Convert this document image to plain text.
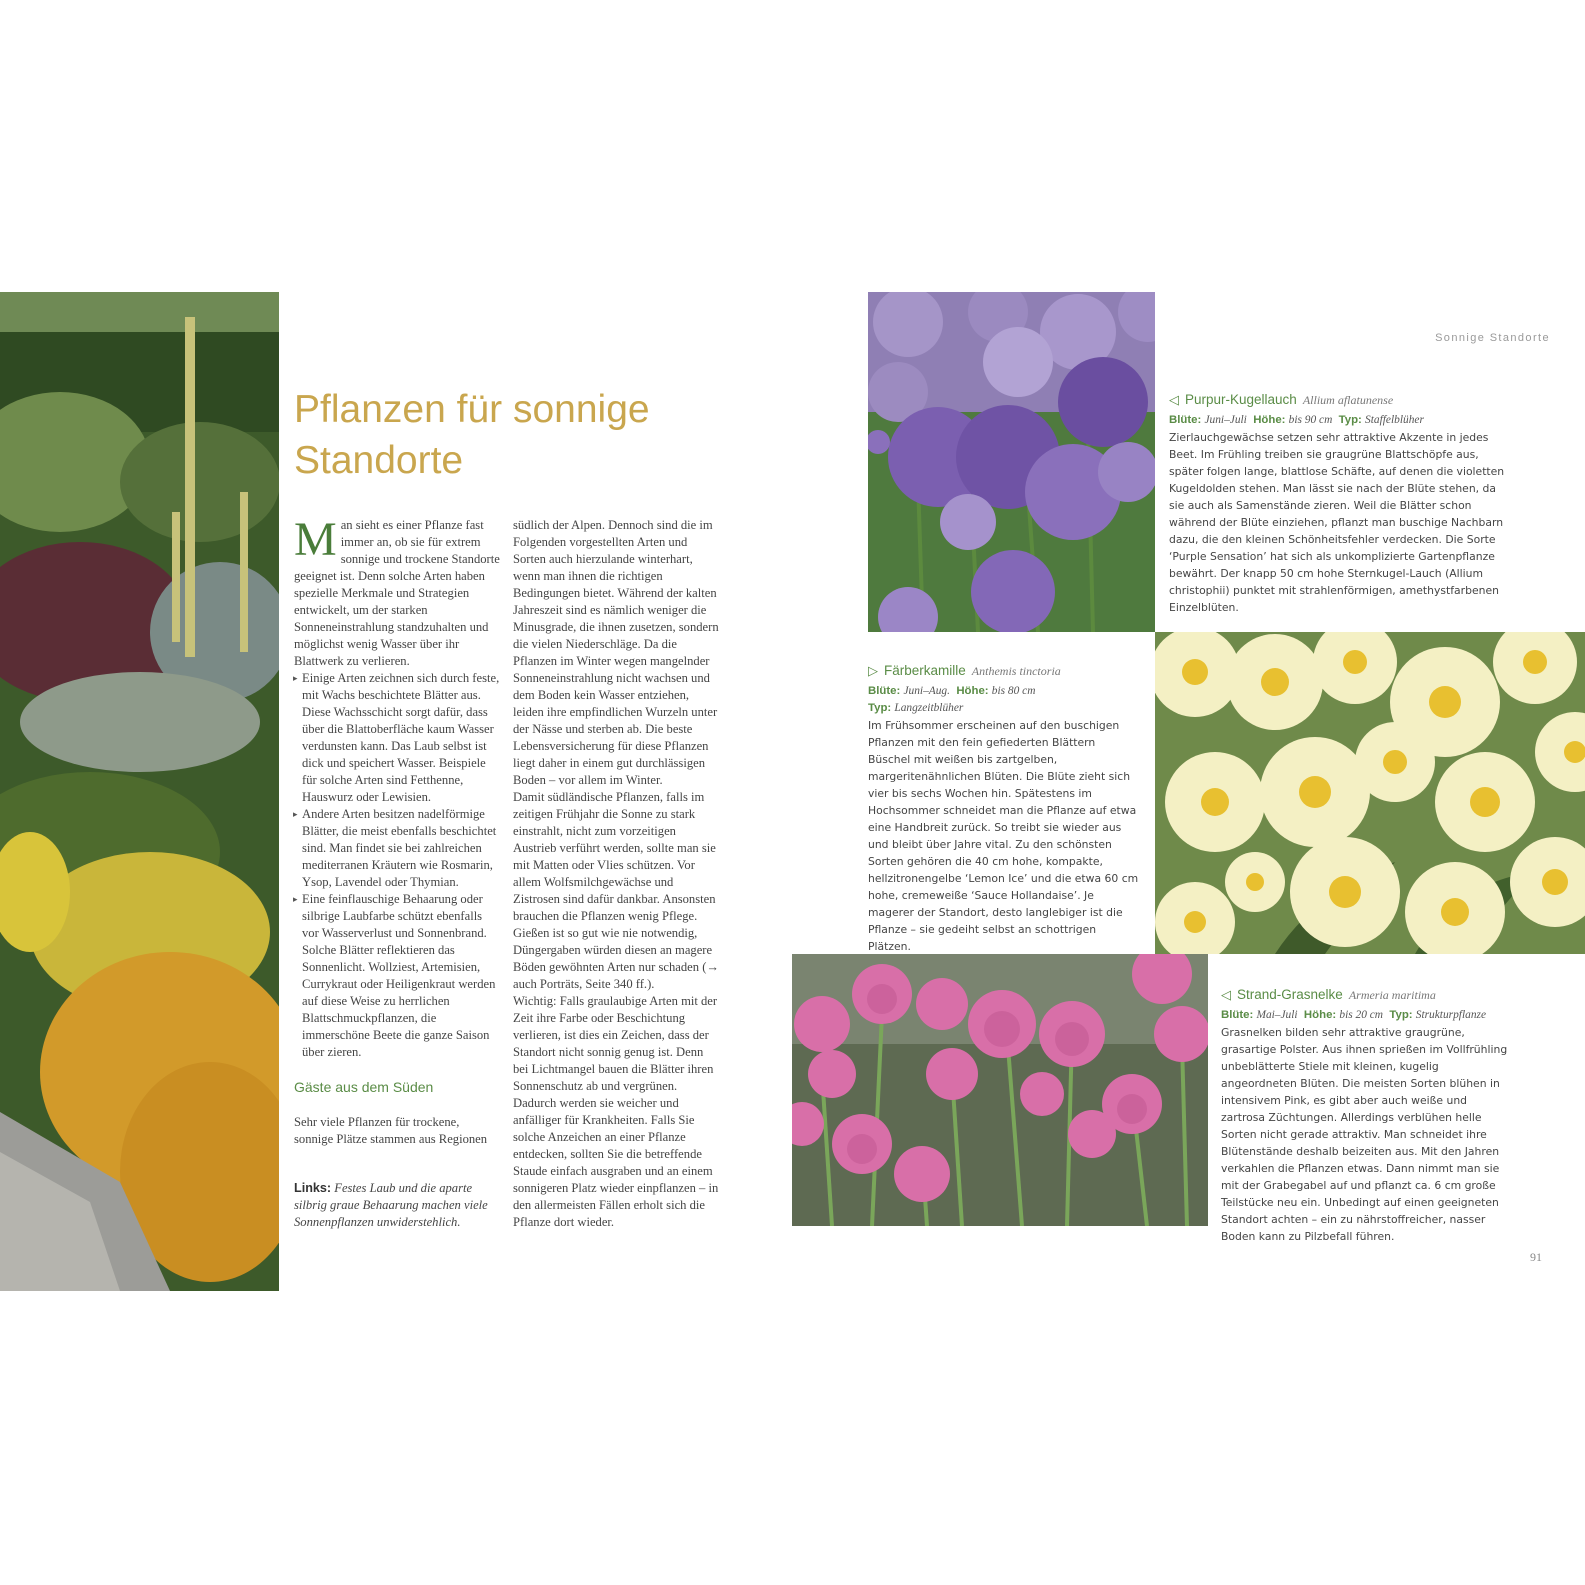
Pflanzen für sonnige
Standorte

Man sieht es einer Pflanze fast immer an, ob sie für extrem sonnige und trockene Standorte geeignet ist. Denn solche Arten haben spezielle Merkmale und Strategien entwickelt, um der starken Sonneneinstrahlung standzuhalten und möglichst wenig Wasser über ihr Blattwerk zu verlieren.

▸ Einige Arten zeichnen sich durch feste, mit Wachs beschichtete Blätter aus. Diese Wachsschicht sorgt dafür, dass über die Blattoberfläche kaum Wasser verdunsten kann. Das Laub selbst ist dick und speichert Wasser. Beispiele für solche Arten sind Fetthenne, Hauswurz oder Lewisien.
▸ Andere Arten besitzen nadelförmige Blätter, die meist ebenfalls beschichtet sind. Man findet sie bei zahlreichen mediterranen Kräutern wie Rosmarin, Ysop, Lavendel oder Thymian.
▸ Eine feinflauschige Behaarung oder silbrige Laubfarbe schützt ebenfalls vor Wasserverlust und Sonnenbrand. Solche Blätter reflektieren das Sonnenlicht. Wollziest, Artemisien, Currykraut oder Heiligenkraut werden auf diese Weise zu herrlichen Blattschmuckpflanzen, die immerschöne Beete die ganze Saison über zieren.

Gäste aus dem Süden

Sehr viele Pflanzen für trockene, sonnige Plätze stammen aus Regionen

Links: Festes Laub und die aparte silbrig graue Behaarung machen viele Sonnenpflanzen unwiderstehlich.

südlich der Alpen. Dennoch sind die im Folgenden vorgestellten Arten und Sorten auch hierzulande winterhart, wenn man ihnen die richtigen Bedingungen bietet. Während der kalten Jahreszeit sind es nämlich weniger die Minusgrade, die ihnen zusetzen, sondern die vielen Niederschläge. Da die Pflanzen im Winter wegen mangelnder Sonneneinstrahlung nicht wachsen und dem Boden kein Wasser entziehen, leiden ihre empfindlichen Wurzeln unter der Nässe und sterben ab. Die beste Lebensversicherung für diese Pflanzen liegt daher in einem gut durchlässigen Boden – vor allem im Winter.

Damit südländische Pflanzen, falls im zeitigen Frühjahr die Sonne zu stark einstrahlt, nicht zum vorzeitigen Austrieb verführt werden, sollte man sie mit Matten oder Vlies schützen. Vor allem Wolfsmilchgewächse und Zistrosen sind dafür dankbar. Ansonsten brauchen die Pflanzen wenig Pflege. Gießen ist so gut wie nie notwendig, Düngergaben würden diesen an magere Böden gewöhnten Arten nur schaden (→ auch Porträts, Seite 340 ff.).

Wichtig: Falls graulaubige Arten mit der Zeit ihre Farbe oder Beschichtung verlieren, ist dies ein Zeichen, dass der Standort nicht sonnig genug ist. Denn bei Lichtmangel bauen die Blätter ihren Sonnenschutz ab und vergrünen. Dadurch werden sie weicher und anfälliger für Krankheiten. Falls Sie solche Anzeichen an einer Pflanze entdecken, sollten Sie die betreffende Staude einfach ausgraben und an einem sonnigeren Platz wieder einpflanzen – in den allermeisten Fällen erholt sich die Pflanze dort wieder.

Sonnige Standorte

◁ Purpur-Kugellauch Allium aflatunense

Blüte: Juni–Juli Höhe: bis 90 cm Typ: Staffelblüher

Zierlauchgewächse setzen sehr attraktive Akzente in jedes Beet. Im Frühling treiben sie graugrüne Blattschöpfe aus, später folgen lange, blattlose Schäfte, auf denen die violetten Kugeldolden stehen. Man lässt sie nach der Blüte stehen, da sie auch als Samenstände zieren. Weil die Blätter schon während der Blüte einziehen, pflanzt man buschige Nachbarn dazu, die den kleinen Schönheitsfehler verdecken. Die Sorte ‘Purple Sensation’ hat sich als unkomplizierte Gartenpflanze bewährt. Der knapp 50 cm hohe Sternkugel-Lauch (Allium christophii) punktet mit strahlenförmigen, amethystfarbenen Einzelblüten.

▷ Färberkamille Anthemis tinctoria

Blüte: Juni–Aug. Höhe: bis 80 cm
Typ: Langzeitblüher

Im Frühsommer erscheinen auf den buschigen Pflanzen mit den fein gefiederten Blättern Büschel mit weißen bis zartgelben, margeritenähnlichen Blüten. Die Blüte zieht sich vier bis sechs Wochen hin. Spätestens im Hochsommer schneidet man die Pflanze auf etwa eine Handbreit zurück. So treibt sie wieder aus und bleibt über Jahre vital. Zu den schönsten Sorten gehören die 40 cm hohe, kompakte, hellzitronengelbe ‘Lemon Ice’ und die etwa 60 cm hohe, cremeweiße ‘Sauce Hollandaise’. Je magerer der Standort, desto langlebiger ist die Pflanze – sie gedeiht selbst an schottrigen Plätzen.

◁ Strand-Grasnelke Armeria maritima

Blüte: Mai–Juli Höhe: bis 20 cm Typ: Strukturpflanze

Grasnelken bilden sehr attraktive graugrüne, grasartige Polster. Aus ihnen sprießen im Vollfrühling unbeblätterte Stiele mit kleinen, kugelig angeordneten Blüten. Die meisten Sorten blühen in intensivem Pink, es gibt aber auch weiße und zartrosa Züchtungen. Allerdings verblühen helle Sorten nicht gerade attraktiv. Man schneidet ihre Blütenstände deshalb beizeiten aus. Mit den Jahren verkahlen die Pflanzen etwas. Dann nimmt man sie mit der Grabegabel auf und pflanzt ca. 6 cm große Teilstücke neu ein. Unbedingt auf einen geeigneten Standort achten – ein zu nährstoffreicher, nasser Boden kann zu Pilzbefall führen.

91
